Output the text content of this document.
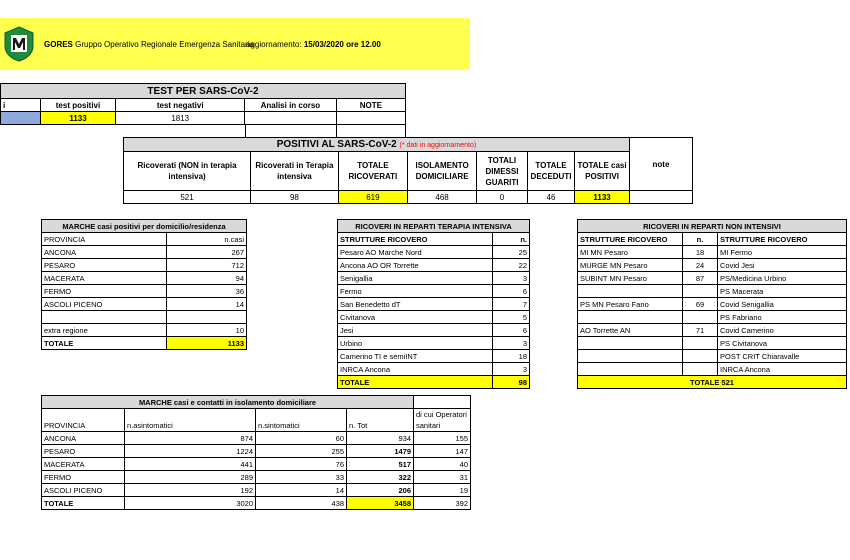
GORES Gruppo Operativo Regionale Emergenza Sanitaria
aggiornamento: 15/03/2020 ore 12.00
TEST PER SARS-CoV-2				
i	test positivi	test negativi	Analisi in corso	NOTE
	1133	1813		

POSITIVI AL SARS-CoV-2 (* dati in aggiornamento)							note
Ricoverati (NON in terapia intensiva)	Ricoverati in Terapia intensiva	TOTALE RICOVERATI	ISOLAMENTO DOMICILIARE	TOTALI DIMESSI GUARITI	TOTALE DECEDUTI	TOTALE casi POSITIVI	
521	98	619	468	0	46	1133	
MARCHE casi positivi per domicilio/residenza	
PROVINCIA	n.casi
ANCONA	267
PESARO	712
MACERATA	94
FERMO	36
ASCOLI PICENO	14

extra regione	10
TOTALE	1133
RICOVERI IN REPARTI TERAPIA INTENSIVA	
STRUTTURE RICOVERO	n.
Pesaro AO Marche Nord	25
Ancona AO OR Torrette	22
Senigallia	3
Fermo	6
San Benedetto dT	7
Civitanova	5
Jesi	6
Urbino	3
Camerino TI e semiINT	18
INRCA Ancona	3
TOTALE	98
RICOVERI IN REPARTI NON INTENSIVI		
STRUTTURE RICOVERO	n.	STRUTTURE RICOVERO
MI MN Pesaro	18	MI Fermo
MURGE MN Pesaro	24	Covid Jesi
SUBINT MN Pesaro	87	PS/Medicina Urbino
		PS Macerata
PS MN Pesaro Fano	69	Covid Senigallia
		PS Fabriano
AO Torrette AN	71	Covid Camerino
		PS Civitanova
		POST CRIT Chiaravalle
		INRCA Ancona
TOTALE 521		
MARCHE casi e contatti in isolamento domiciliare				
PROVINCIA	n.asintomatici	n.sintomatici	n. Tot	di cui Operatori sanitari
ANCONA	874	60	934	155
PESARO	1224	255	1479	147
MACERATA	441	76	517	40
FERMO	289	33	322	31
ASCOLI PICENO	192	14	206	19
TOTALE	3020	438	3458	392
